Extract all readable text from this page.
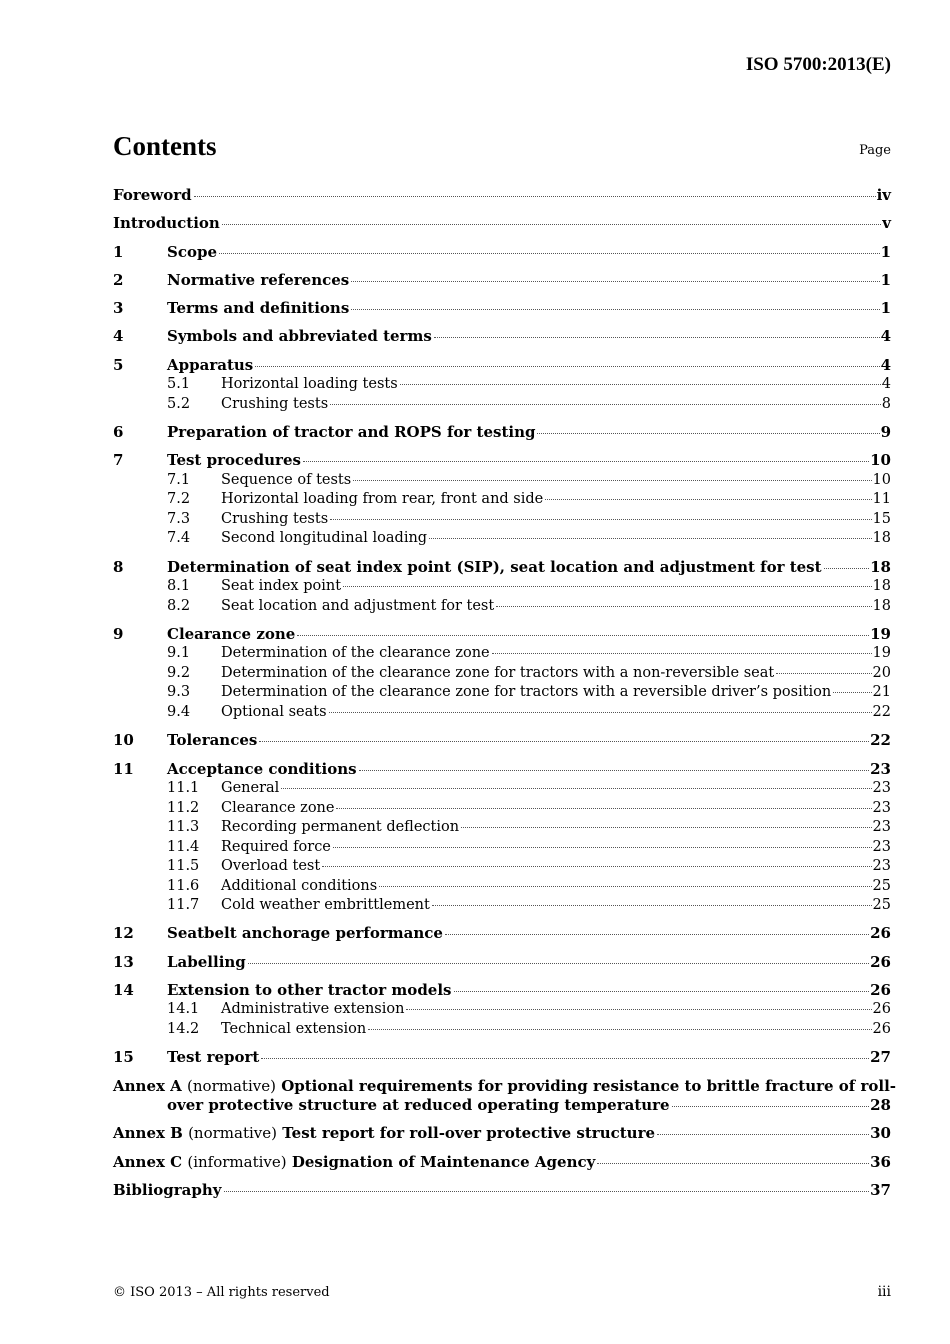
ISO 5700:2013(E)
Contents	Page
Foreword	iv
Introduction	v
1	Scope	1
2	Normative references	1
3	Terms and definitions	1
4	Symbols and abbreviated terms	4
5	Apparatus	4
5.1	Horizontal loading tests	4
5.2	Crushing tests	8
6	Preparation of tractor and ROPS for testing	9
7	Test procedures	10
7.1	Sequence of tests	10
7.2	Horizontal loading from rear, front and side	11
7.3	Crushing tests	15
7.4	Second longitudinal loading	18
8	Determination of seat index point (SIP), seat location and adjustment for test	18
8.1	Seat index point	18
8.2	Seat location and adjustment for test	18
9	Clearance zone	19
9.1	Determination of the clearance zone	19
9.2	Determination of the clearance zone for tractors with a non-reversible seat	20
9.3	Determination of the clearance zone for tractors with a reversible driver’s position	21
9.4	Optional seats	22
10	Tolerances	22
11	Acceptance conditions	23
11.1	General	23
11.2	Clearance zone	23
11.3	Recording permanent deflection	23
11.4	Required force	23
11.5	Overload test	23
11.6	Additional conditions	25
11.7	Cold weather embrittlement	25
12	Seatbelt anchorage performance	26
13	Labelling	26
14	Extension to other tractor models	26
14.1	Administrative extension	26
14.2	Technical extension	26
15	Test report	27
Annex A (normative) Optional requirements for providing resistance to brittle fracture of roll-
over protective structure at reduced operating temperature	28
Annex B (normative) Test report for roll-over protective structure	30
Annex C (informative) Designation of Maintenance Agency	36
Bibliography	37
© ISO 2013 – All rights reserved	iii
